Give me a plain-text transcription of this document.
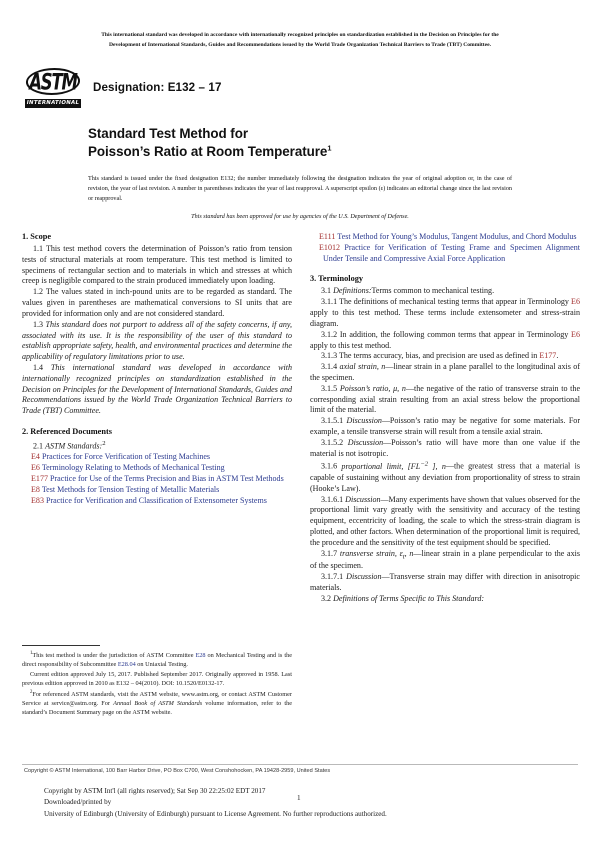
This international standard was developed in accordance with internationally recognized principles on standardization established in the Decision on Principles for the
Development of International Standards, Guides and Recommendations issued by the World Trade Organization Technical Barriers to Trade (TBT) Committee.
ASTM
INTERNATIONAL
Designation: E132 – 17
Standard Test Method for
Poisson’s Ratio at Room Temperature$^1$
This standard is issued under the fixed designation E132; the number immediately following the designation indicates the year of original adoption or, in the case of revision, the year of last revision. A number in parentheses indicates the year of last reapproval. A superscript epsilon (ε) indicates an editorial change since the last revision or reapproval.
This standard has been approved for use by agencies of the U.S. Department of Defense.
1. Scope

1.1 This test method covers the determination of Poisson’s ratio from tension tests of structural materials at room temperature. This test method is limited to specimens of rectangular section and to materials in which and stresses at which creep is negligible compared to the strain produced immediately upon loading.

1.2 The values stated in inch-pound units are to be regarded as standard. The values given in parentheses are mathematical conversions to SI units that are provided for information only and are not considered standard.

1.3 This standard does not purport to address all of the safety concerns, if any, associated with its use. It is the responsibility of the user of this standard to establish appropriate safety, health, and environmental practices and determine the applicability of regulatory limitations prior to use.

1.4 This international standard was developed in accordance with internationally recognized principles on standardization established in the Decision on Principles for the Development of International Standards, Guides and Recommendations issued by the World Trade Organization Technical Barriers to Trade (TBT) Committee.

2. Referenced Documents

2.1 ASTM Standards:$^2$

E4 Practices for Force Verification of Testing Machines

E6 Terminology Relating to Methods of Mechanical Testing

E177 Practice for Use of the Terms Precision and Bias in ASTM Test Methods

E8 Test Methods for Tension Testing of Metallic Materials

E83 Practice for Verification and Classification of Extensometer Systems

E111 Test Method for Young’s Modulus, Tangent Modulus, and Chord Modulus

E1012 Practice for Verification of Testing Frame and Specimen Alignment Under Tensile and Compressive Axial Force Application

3. Terminology

3.1 Definitions:Terms common to mechanical testing.

3.1.1 The definitions of mechanical testing terms that appear in Terminology E6 apply to this test method. These terms include extensometer and stress-strain diagram.

3.1.2 In addition, the following common terms that appear in Terminology E6 apply to this test method.

3.1.3 The terms accuracy, bias, and precision are used as defined in E177.

3.1.4 axial strain, n—linear strain in a plane parallel to the longitudinal axis of the specimen.

3.1.5 Poisson’s ratio, μ, n—the negative of the ratio of transverse strain to the corresponding axial strain resulting from an axial stress below the proportional limit of the material.

3.1.5.1 Discussion—Poisson’s ratio may be negative for some materials. For example, a tensile transverse strain will result from a tensile axial strain.

3.1.5.2 Discussion—Poisson’s ratio will have more than one value if the material is not isotropic.

3.1.6 proportional limit, [$FL^{-2}$ ], n—the greatest stress that a material is capable of sustaining without any deviation from proportionality of stress to strain (Hooke’s Law).

3.1.6.1 Discussion—Many experiments have shown that values observed for the proportional limit vary greatly with the sensitivity and accuracy of the testing equipment, eccentricity of loading, the scale to which the stress-strain diagram is plotted, and other factors. When determination of the proportional limit is required, the procedure and the sensitivity of the test equipment should be specified.

3.1.7 transverse strain, $\varepsilon_t$, n—linear strain in a plane perpendicular to the axis of the specimen.

3.1.7.1 Discussion—Transverse strain may differ with direction in anisotropic materials.

3.2 Definitions of Terms Specific to This Standard:

$^1$This test method is under the jurisdiction of ASTM Committee E28 on Mechanical Testing and is the direct responsibility of Subcommittee E28.04 on Uniaxial Testing.

Current edition approved July 15, 2017. Published September 2017. Originally approved in 1958. Last previous edition approved in 2010 as E132 – 04(2010). DOI: 10.1520/E0132-17.

$^2$For referenced ASTM standards, visit the ASTM website, www.astm.org, or contact ASTM Customer Service at service@astm.org. For Annual Book of ASTM Standards volume information, refer to the standard’s Document Summary page on the ASTM website.

Copyright © ASTM International, 100 Barr Harbor Drive, PO Box C700, West Conshohocken, PA 19428-2959, United States
Copyright by ASTM Int'l (all rights reserved); Sat Sep 30 22:25:02 EDT 2017
Downloaded/printed by
University of Edinburgh (University of Edinburgh) pursuant to License Agreement. No further reproductions authorized.
1
